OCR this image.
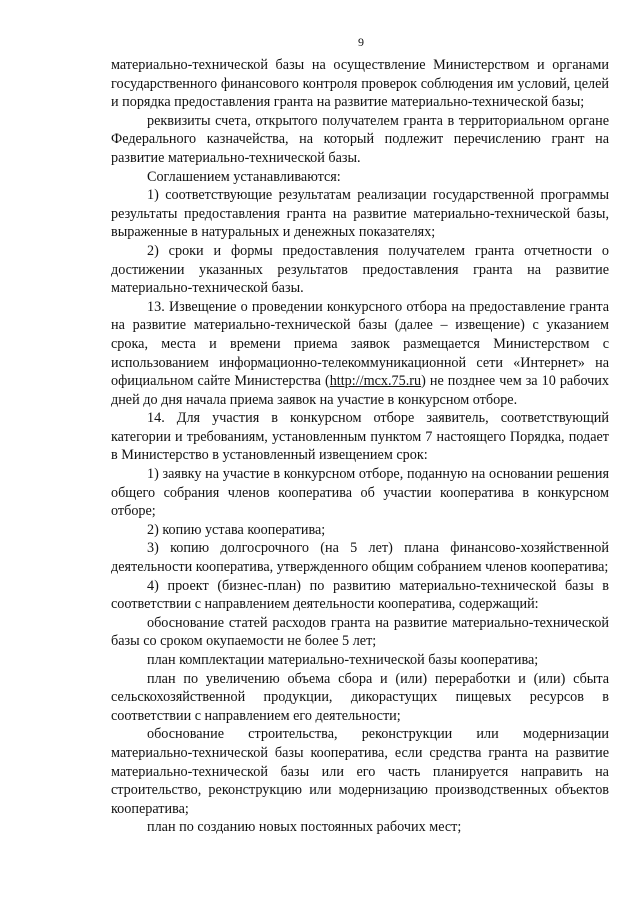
9

материально-технической базы на осуществление Министерством и органами государственного финансового контроля проверок соблюдения им условий, целей и порядка предоставления гранта на развитие материально-технической базы;

реквизиты счета, открытого получателем гранта в территориальном органе Федерального казначейства, на который подлежит перечислению грант на развитие материально-технической базы.

Соглашением устанавливаются:

1) соответствующие результатам реализации государственной программы результаты предоставления гранта на развитие материально-технической базы, выраженные в натуральных и денежных показателях;

2) сроки и формы предоставления получателем гранта отчетности о достижении указанных результатов предоставления гранта на развитие материально-технической базы.

13. Извещение о проведении конкурсного отбора на предоставление гранта на развитие материально-технической базы (далее – извещение) с указанием срока, места и времени приема заявок размещается Министерством с использованием информационно-телекоммуникационной сети «Интернет» на официальном сайте Министерства (http://mcx.75.ru) не позднее чем за 10 рабочих дней до дня начала приема заявок на участие в конкурсном отборе.

14. Для участия в конкурсном отборе заявитель, соответствующий категории и требованиям, установленным пунктом 7 настоящего Порядка, подает в Министерство в установленный извещением срок:

1) заявку на участие в конкурсном отборе, поданную на основании решения общего собрания членов кооператива об участии кооператива в конкурсном отборе;

2) копию устава кооператива;

3) копию долгосрочного (на 5 лет) плана финансово-хозяйственной деятельности кооператива, утвержденного общим собранием членов кооператива;

4) проект (бизнес-план) по развитию материально-технической базы в соответствии с направлением деятельности кооператива, содержащий:

обоснование статей расходов гранта на развитие материально-технической базы со сроком окупаемости не более 5 лет;

план комплектации материально-технической базы кооператива;

план по увеличению объема сбора и (или) переработки и (или) сбыта сельскохозяйственной продукции, дикорастущих пищевых ресурсов в соответствии с направлением его деятельности;

обоснование строительства, реконструкции или модернизации материально-технической базы кооператива, если средства гранта на развитие материально-технической базы или его часть планируется направить на строительство, реконструкцию или модернизацию производственных объектов кооператива;

план по созданию новых постоянных рабочих мест;
